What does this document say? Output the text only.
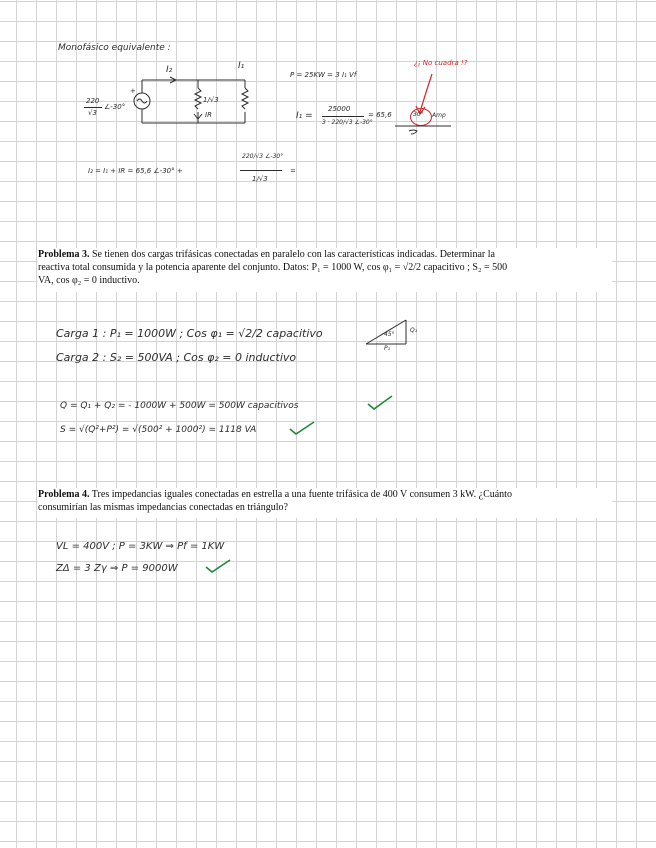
Monofásico equivalente :
+
I₂	I₁
1/√3
IR
220
√3
∠-30°
P = 25KW = 3 I₁ Vf
¿¡ No cuadra !?
I₁ =
25000
3 · 220/√3 ∠-30°
= 65,6	30° Amp
I₂ = I₁ + IR = 65,6 ∠-30° +
220/√3 ∠-30°
1/√3
=
Problema 3. Se tienen dos cargas trifásicas conectadas en paralelo con las características indicadas. Determinar la
reactiva total consumida y la potencia aparente del conjunto. Datos: P₁ = 1000 W, cos φ₁ = √2/2 capacitivo ; S₂ = 500
VA, cos φ₂ = 0 inductivo.
Carga 1 : P₁ = 1000W ; Cos φ₁ = √2/2 capacitivo
Carga 2 : S₂ = 500VA ; Cos φ₂ = 0 inductivo
45°
Q₁
P₁
Q = Q₁ + Q₂ = - 1000W + 500W = 500W capacitivos
S = √(Q²+P²) = √(500² + 1000²) = 1118 VA
Problema 4. Tres impedancias iguales conectadas en estrella a una fuente trifásica de 400 V consumen 3 kW. ¿Cuánto
consumirían las mismas impedancias conectadas en triángulo?
VL = 400V ; P = 3KW ⇒ Pf = 1KW
ZΔ = 3 Zγ ⇒ P = 9000W
